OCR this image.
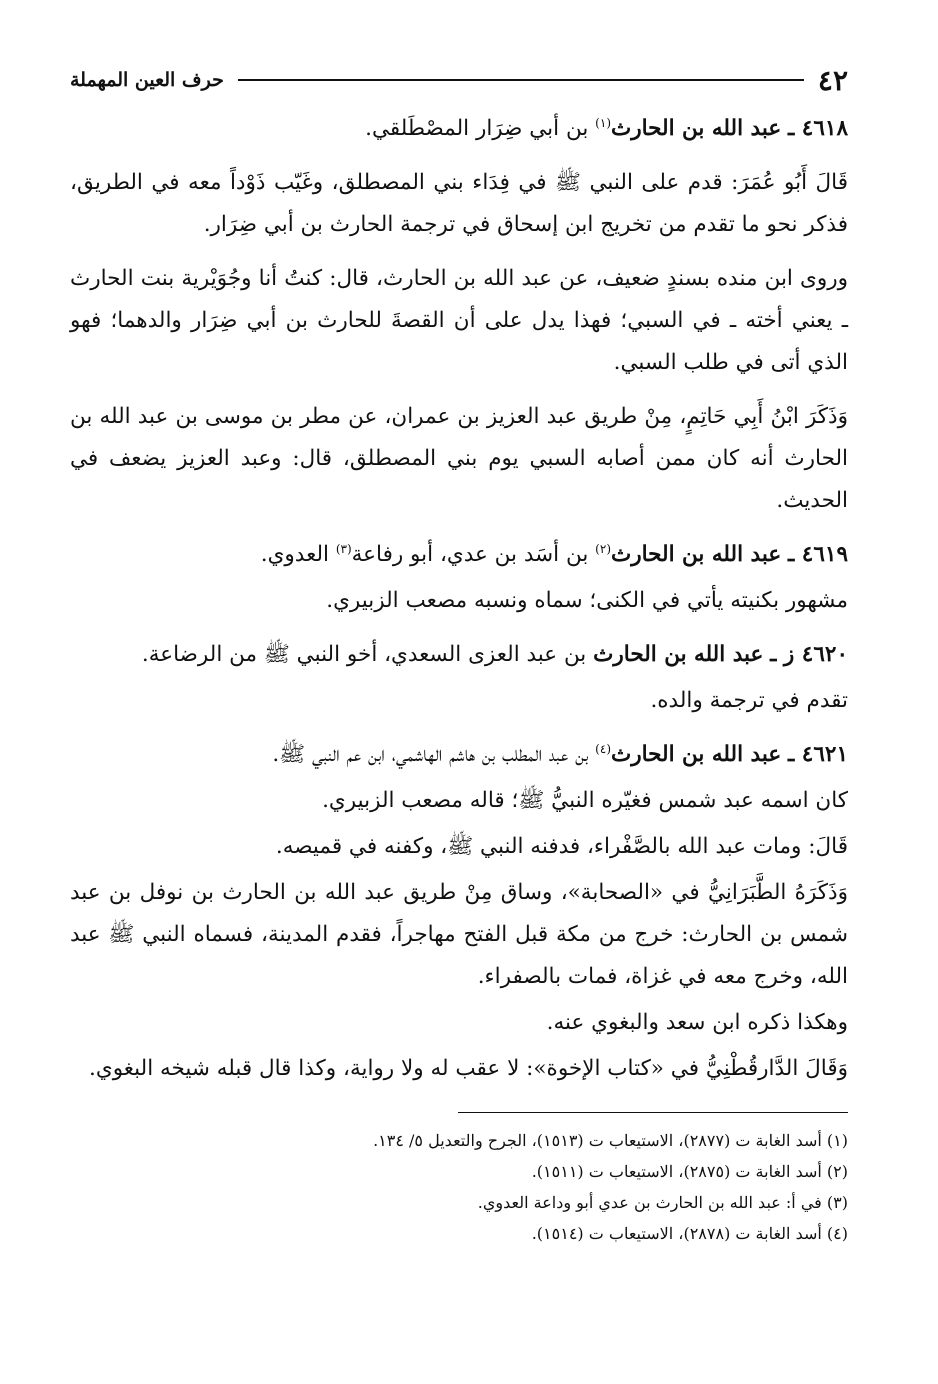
٤٢
حرف العين المهملة

٤٦١٨ ـ عبد الله بن الحارث$^{(١)}$ بن أبي ضِرَار المصْطَلقي.

قَالَ أَبُو عُمَرَ: قدم على النبي ﷺ في فِدَاء بني المصطلق، وغَيّب ذَوْداً معه في الطريق، فذكر نحو ما تقدم من تخريج ابن إسحاق في ترجمة الحارث بن أبي ضِرَار.

وروى ابن منده بسندٍ ضعيف، عن عبد الله بن الحارث، قال: كنتُ أنا وجُوَيْرية بنت الحارث ـ يعني أخته ـ في السبي؛ فهذا يدل على أن القصةَ للحارث بن أبي ضِرَار والدهما؛ فهو الذي أتى في طلب السبي.

وَذَكَرَ ابْنُ أَبِي حَاتِمٍ، مِنْ طريق عبد العزيز بن عمران، عن مطر بن موسى بن عبد الله بن الحارث أنه كان ممن أصابه السبي يوم بني المصطلق، قال: وعبد العزيز يضعف في الحديث.

٤٦١٩ ـ عبد الله بن الحارث$^{(٢)}$ بن أسَد بن عدي، أبو رفاعة$^{(٣)}$ العدوي.

مشهور بكنيته يأتي في الكنى؛ سماه ونسبه مصعب الزبيري.

٤٦٢٠ ز ـ عبد الله بن الحارث بن عبد العزى السعدي، أخو النبي ﷺ من الرضاعة.

تقدم في ترجمة والده.

٤٦٢١ ـ عبد الله بن الحارث$^{(٤)}$ بن عبد المطلب بن هاشم الهاشمي، ابن عم النبي ﷺ.

كان اسمه عبد شمس فغيّره النبيُّ ﷺ؛ قاله مصعب الزبيري.

قَالَ: ومات عبد الله بالصَّفْراء، فدفنه النبي ﷺ، وكفنه في قميصه.

وَذَكَرَهُ الطَّبَرَانِيُّ في «الصحابة»، وساق مِنْ طريق عبد الله بن الحارث بن نوفل بن عبد شمس بن الحارث: خرج من مكة قبل الفتح مهاجراً، فقدم المدينة، فسماه النبي ﷺ عبد الله، وخرج معه في غزاة، فمات بالصفراء.

وهكذا ذكره ابن سعد والبغوي عنه.

وَقَالَ الدَّارقُطْنِيُّ في «كتاب الإخوة»: لا عقب له ولا رواية، وكذا قال قبله شيخه البغوي.

(١) أسد الغابة ت (٢٨٧٧)، الاستيعاب ت (١٥١٣)، الجرح والتعديل ٥/ ١٣٤.

(٢) أسد الغابة ت (٢٨٧٥)، الاستيعاب ت (١٥١١).

(٣) في أ: عبد الله بن الحارث بن عدي أبو وداعة العدوي.

(٤) أسد الغابة ت (٢٨٧٨)، الاستيعاب ت (١٥١٤).
